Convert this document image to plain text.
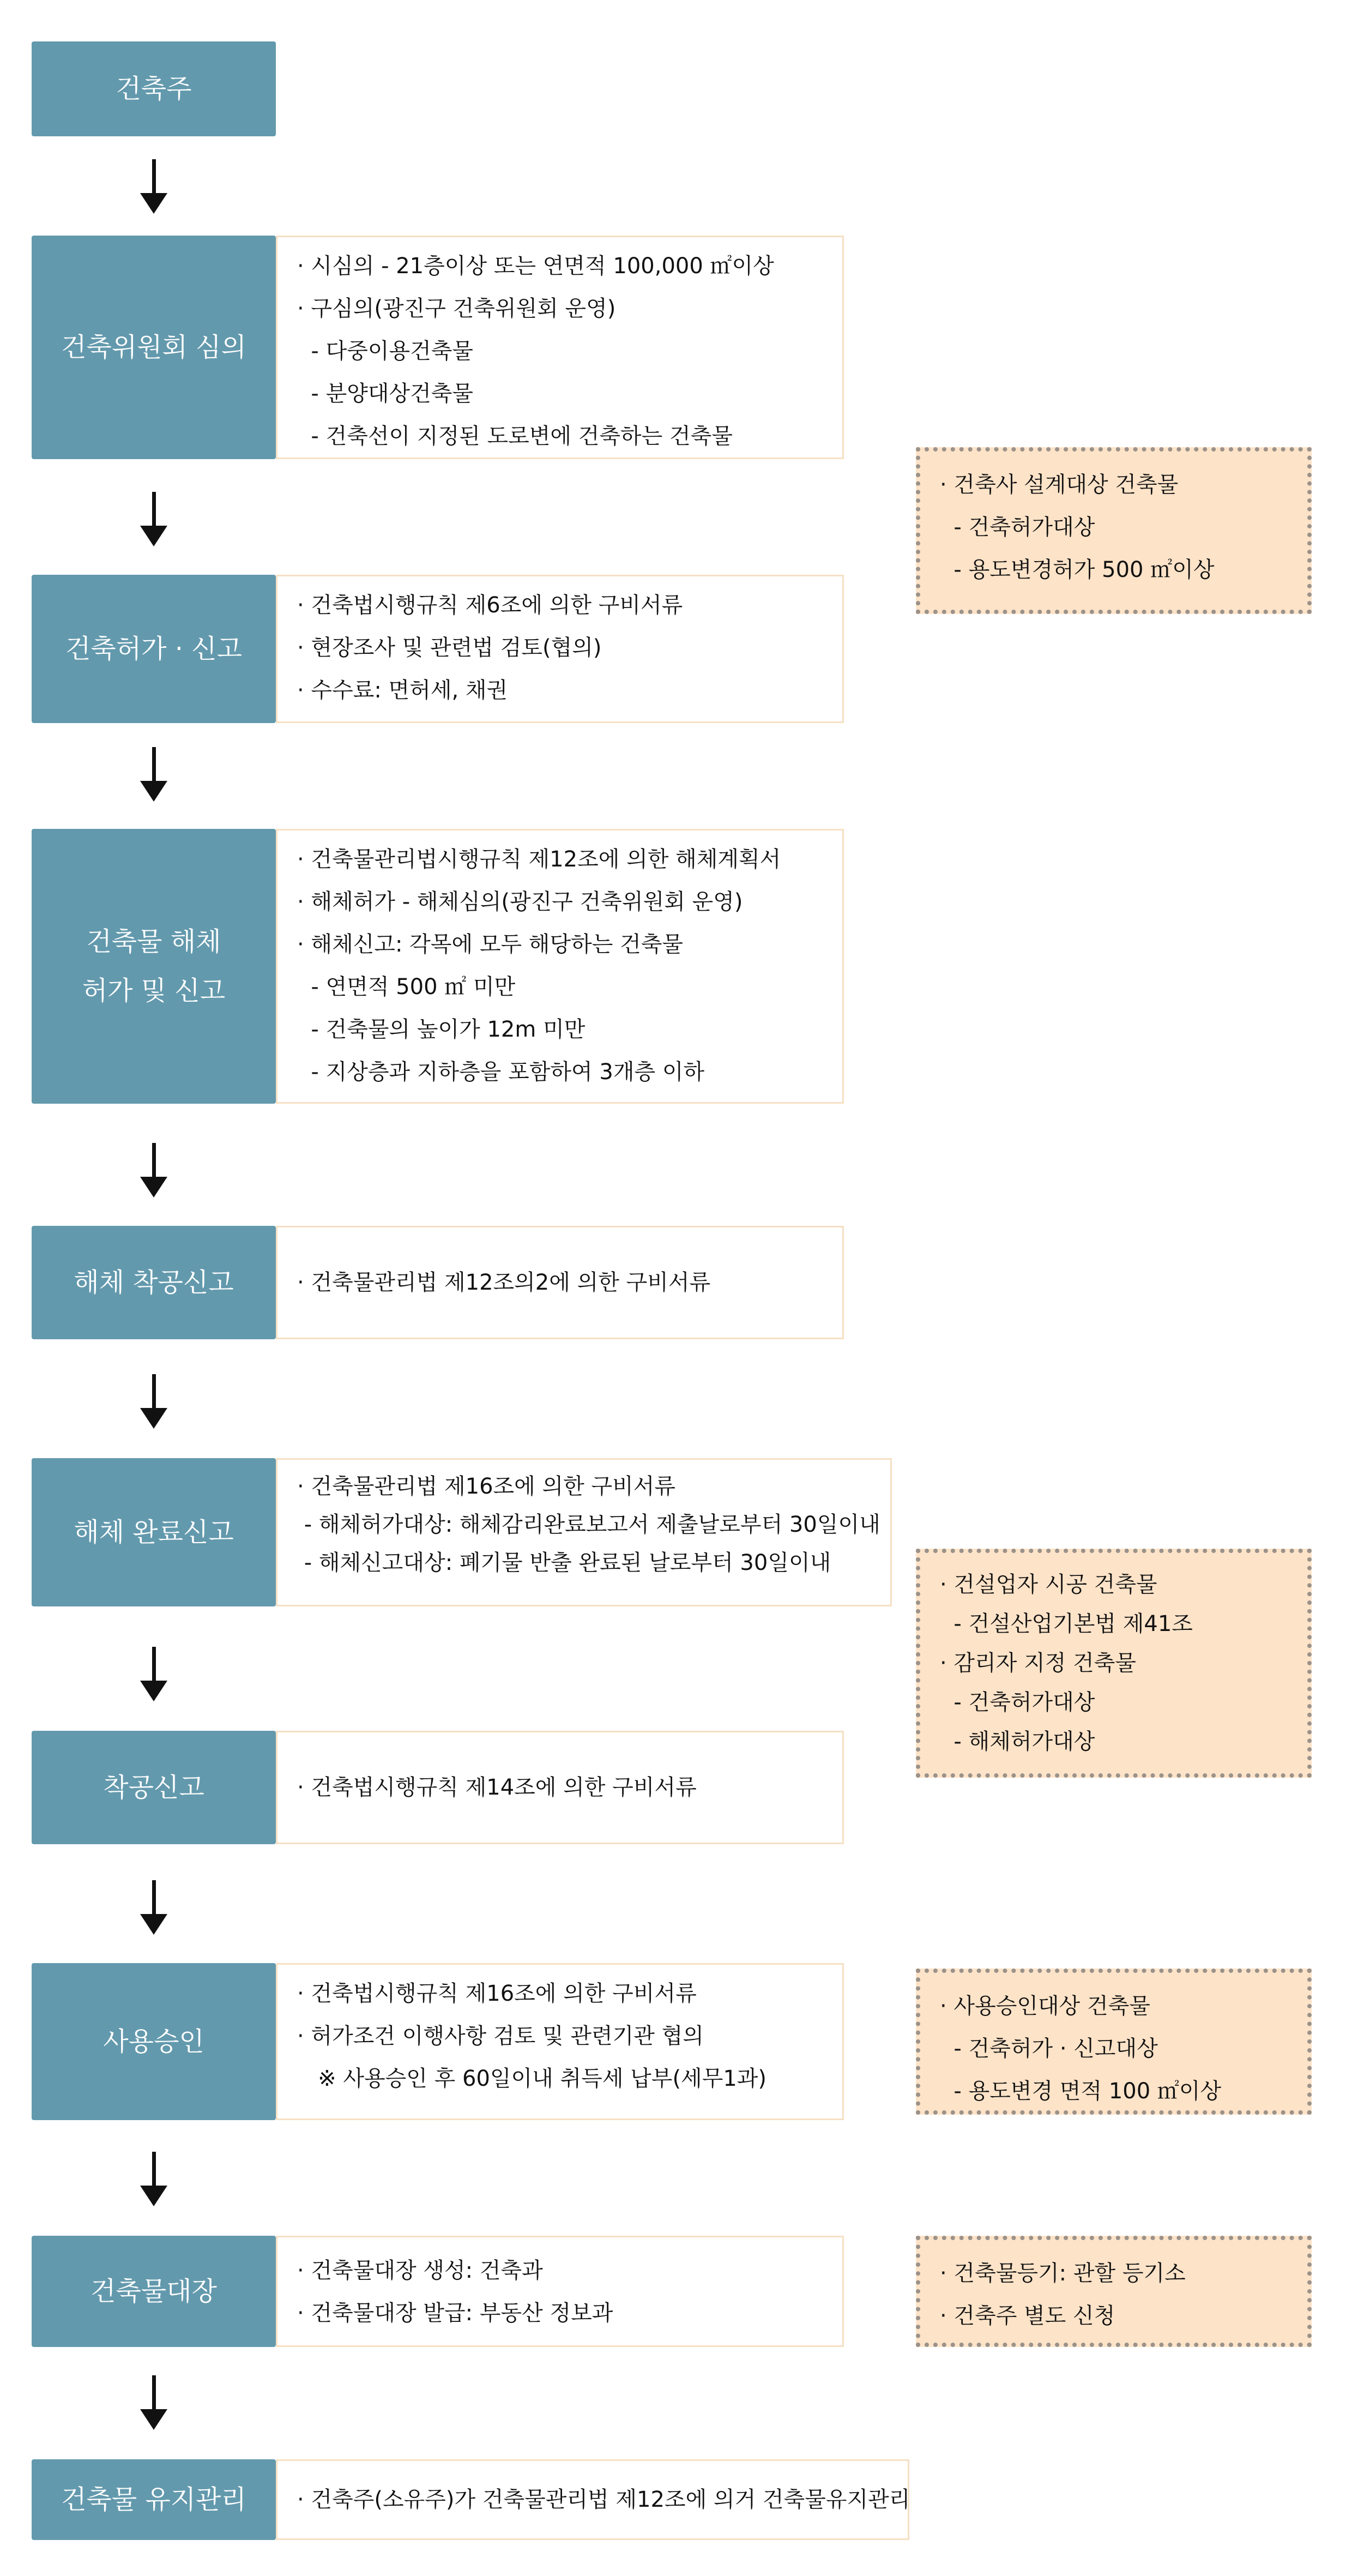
건축주
건축위원회 심의
건축허가 · 신고
건축물 해체
허가 및 신고
해체 착공신고
해체 완료신고
착공신고
사용승인
건축물대장
건축물 유지관리
· 시심의 - 21층이상 또는 연면적 100,000 ㎡이상
· 구심의(광진구 건축위원회 운영)
- 다중이용건축물
- 분양대상건축물
- 건축선이 지정된 도로변에 건축하는 건축물
· 건축법시행규칙 제6조에 의한 구비서류
· 현장조사 및 관련법 검토(협의)
· 수수료: 면허세, 채권
· 건축물관리법시행규칙 제12조에 의한 해체계획서
· 해체허가 - 해체심의(광진구 건축위원회 운영)
· 해체신고: 각목에 모두 해당하는 건축물
- 연면적 500 ㎡ 미만
- 건축물의 높이가 12m 미만
- 지상층과 지하층을 포함하여 3개층 이하
· 건축물관리법 제12조의2에 의한 구비서류
· 건축물관리법 제16조에 의한 구비서류
- 해체허가대상: 해체감리완료보고서 제출날로부터 30일이내
- 해체신고대상: 폐기물 반출 완료된 날로부터 30일이내
· 건축법시행규칙 제14조에 의한 구비서류
· 건축법시행규칙 제16조에 의한 구비서류
· 허가조건 이행사항 검토 및 관련기관 협의
※ 사용승인 후 60일이내 취득세 납부(세무1과)
· 건축물대장 생성: 건축과
· 건축물대장 발급: 부동산 정보과
· 건축주(소유주)가 건축물관리법 제12조에 의거 건축물유지관리
· 건축사 설계대상 건축물
- 건축허가대상
- 용도변경허가 500 ㎡이상
· 건설업자 시공 건축물
- 건설산업기본법 제41조
· 감리자 지정 건축물
- 건축허가대상
- 해체허가대상
· 사용승인대상 건축물
- 건축허가 · 신고대상
- 용도변경 면적 100 ㎡이상
· 건축물등기: 관할 등기소
· 건축주 별도 신청
